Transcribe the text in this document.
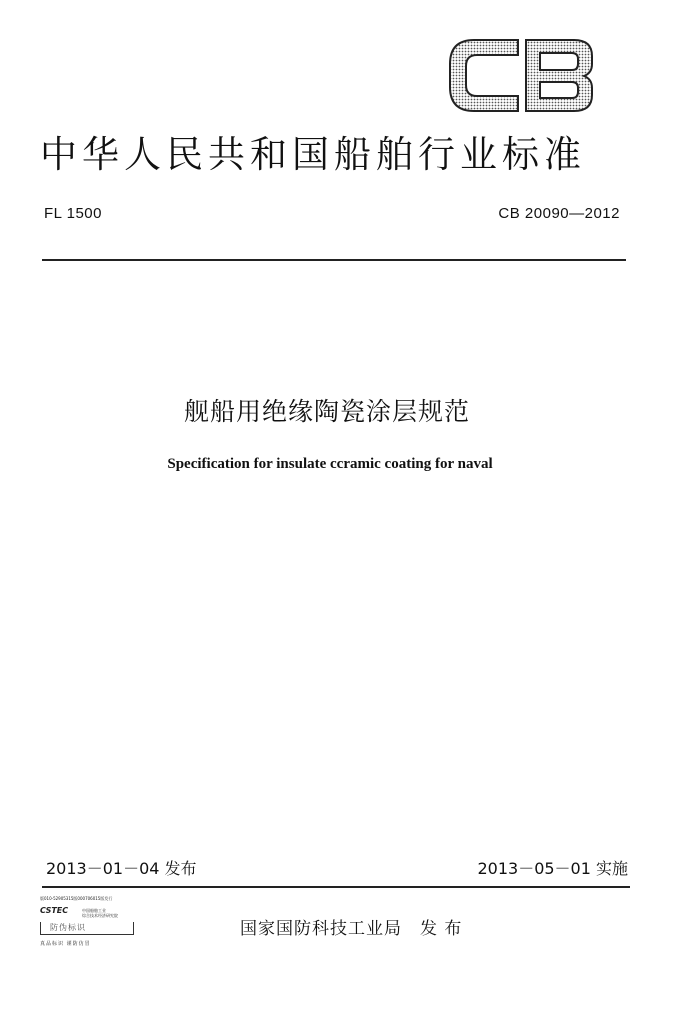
中华人民共和国船舶行业标准
FL 1500	CB 20090—2012
舰船用绝缘陶瓷涂层规范
Specification for insulate ccramic coating for naval
2013－01－04 发布	2013－05－01 实施
版010-52905315版000706015版发行
CSTEC	中国船舶工业
综合技术经济研究院
防伪标识
真品标识 谨防仿冒
国家国防科技工业局　发 布
